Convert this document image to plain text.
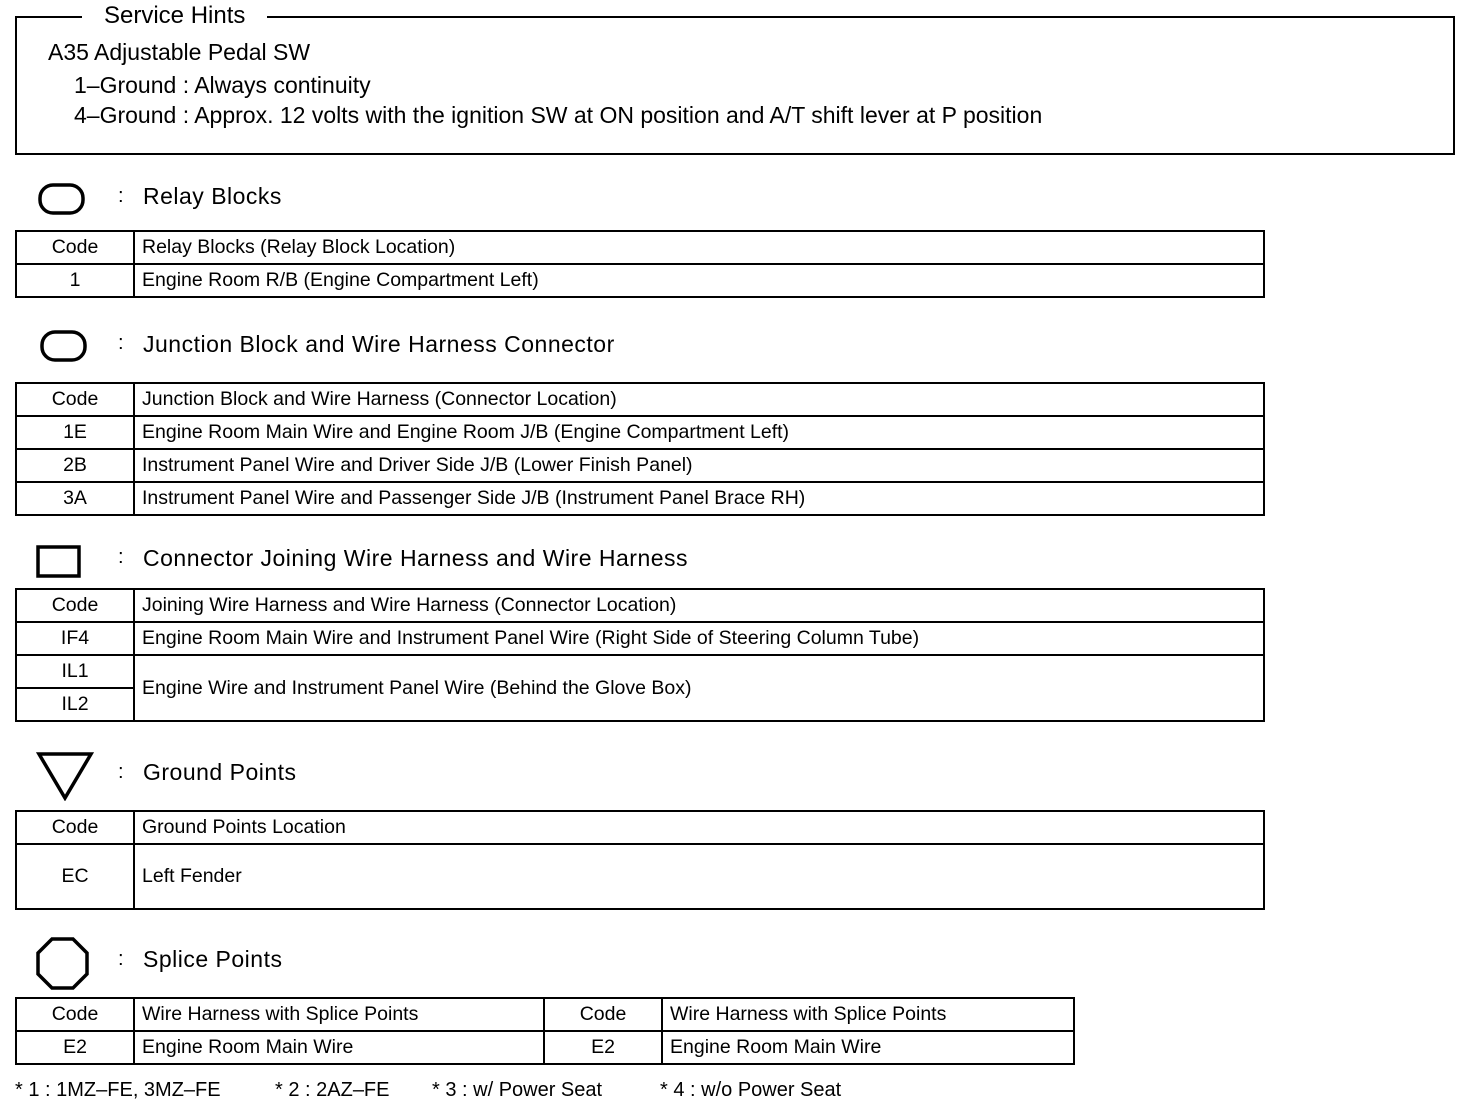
Service Hints
A35 Adjustable Pedal SW
1–Ground : Always continuity
4–Ground : Approx. 12 volts with the ignition SW at ON position and A/T shift lever at P position
: Relay Blocks
Code	Relay Blocks (Relay Block Location)
1	Engine Room R/B (Engine Compartment Left)
: Junction Block and Wire Harness Connector
Code	Junction Block and Wire Harness (Connector Location)
1E	Engine Room Main Wire and Engine Room J/B (Engine Compartment Left)
2B	Instrument Panel Wire and Driver Side J/B (Lower Finish Panel)
3A	Instrument Panel Wire and Passenger Side J/B (Instrument Panel Brace RH)
: Connector Joining Wire Harness and Wire Harness
Code	Joining Wire Harness and Wire Harness (Connector Location)
IF4	Engine Room Main Wire and Instrument Panel Wire (Right Side of Steering Column Tube)
IL1	Engine Wire and Instrument Panel Wire (Behind the Glove Box)
IL2	
: Ground Points
Code	Ground Points Location
EC	Left Fender
: Splice Points
Code	Wire Harness with Splice Points	Code	Wire Harness with Splice Points
E2	Engine Room Main Wire	E2	Engine Room Main Wire
* 1 : 1MZ–FE, 3MZ–FE	* 2 : 2AZ–FE * 3 : w/ Power Seat	* 4 : w/o Power Seat
